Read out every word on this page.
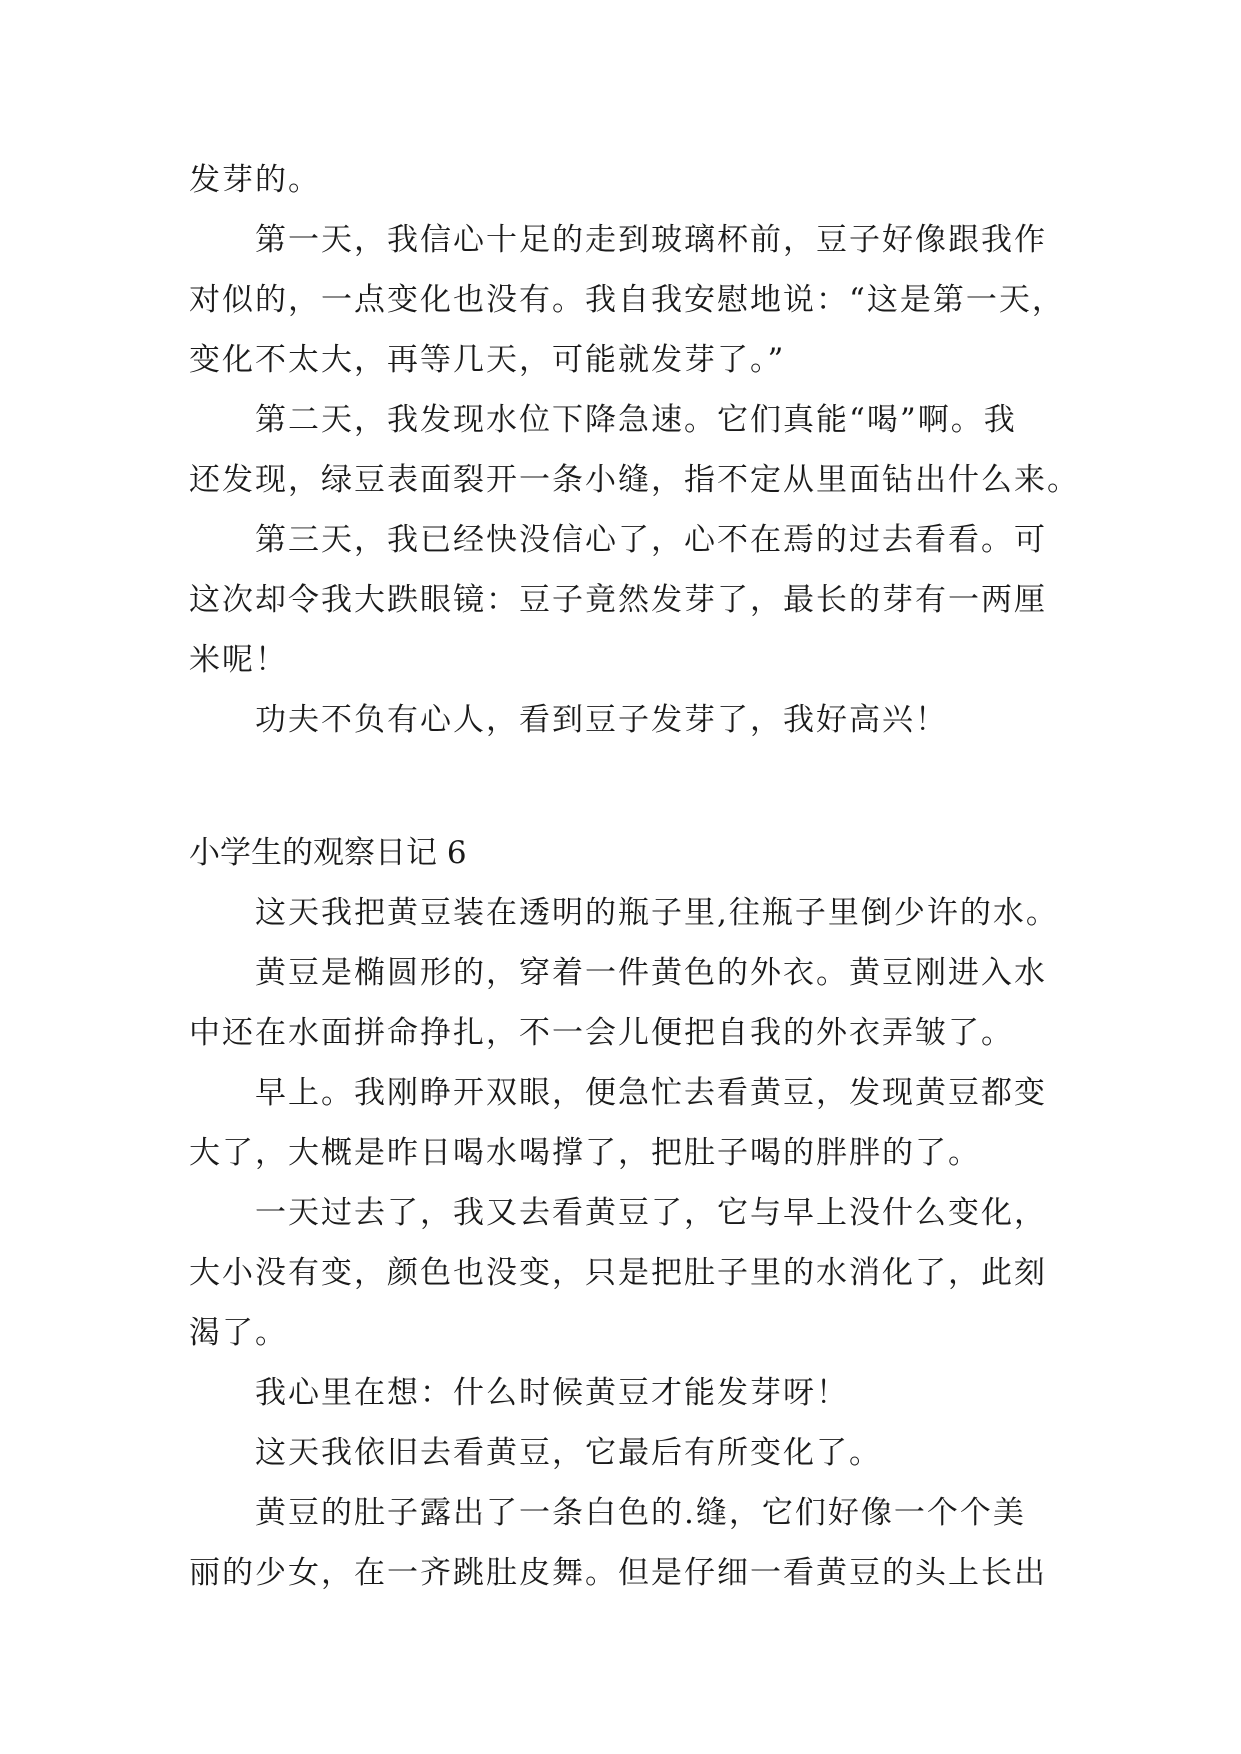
发芽的。
第一天，我信心十足的走到玻璃杯前，豆子好像跟我作
对似的，一点变化也没有。我自我安慰地说：“这是第一天，
变化不太大，再等几天，可能就发芽了。”
第二天，我发现水位下降急速。它们真能“喝”啊。我
还发现，绿豆表面裂开一条小缝，指不定从里面钻出什么来。
第三天，我已经快没信心了，心不在焉的过去看看。可
这次却令我大跌眼镜：豆子竟然发芽了，最长的芽有一两厘
米呢！
功夫不负有心人，看到豆子发芽了，我好高兴！
小学生的观察日记 6
这天我把黄豆装在透明的瓶子里,往瓶子里倒少许的水。
黄豆是椭圆形的，穿着一件黄色的外衣。黄豆刚进入水
中还在水面拼命挣扎，不一会儿便把自我的外衣弄皱了。
早上。我刚睁开双眼，便急忙去看黄豆，发现黄豆都变
大了，大概是昨日喝水喝撑了，把肚子喝的胖胖的了。
一天过去了，我又去看黄豆了，它与早上没什么变化，
大小没有变，颜色也没变，只是把肚子里的水消化了，此刻
渴了。
我心里在想：什么时候黄豆才能发芽呀！
这天我依旧去看黄豆，它最后有所变化了。
黄豆的肚子露出了一条白色的.缝，它们好像一个个美
丽的少女，在一齐跳肚皮舞。但是仔细一看黄豆的头上长出
